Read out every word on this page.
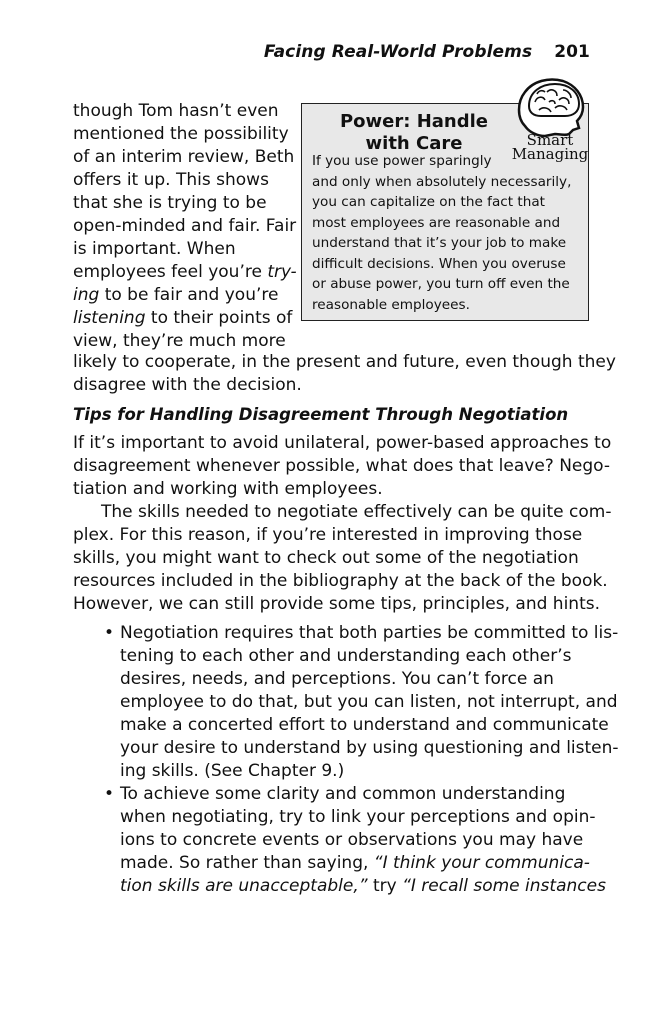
Facing Real-World Problems 201
though Tom hasn’t even
mentioned the possibility
of an interim review, Beth
offers it up. This shows
that she is trying to be
open-minded and fair. Fair
is important. When
employees feel you’re try-
ing to be fair and you’re
listening to their points of
view, they’re much more
likely to cooperate, in the present and future, even though they
disagree with the decision.
Power: Handle
with Care
If you use power sparingly
and only when absolutely necessarily,
you can capitalize on the fact that
most employees are reasonable and
understand that it’s your job to make
difficult decisions. When you overuse
or abuse power, you turn off even the
reasonable employees.
Smart
Managing
Tips for Handling Disagreement Through Negotiation
If it’s important to avoid unilateral, power-based approaches to
disagreement whenever possible, what does that leave? Nego-
tiation and working with employees.
The skills needed to negotiate effectively can be quite com-
plex. For this reason, if you’re interested in improving those
skills, you might want to check out some of the negotiation
resources included in the bibliography at the back of the book.
However, we can still provide some tips, principles, and hints.
• Negotiation requires that both parties be committed to lis-
tening to each other and understanding each other’s
desires, needs, and perceptions. You can’t force an
employee to do that, but you can listen, not interrupt, and
make a concerted effort to understand and communicate
your desire to understand by using questioning and listen-
ing skills. (See Chapter 9.)
• To achieve some clarity and common understanding
when negotiating, try to link your perceptions and opin-
ions to concrete events or observations you may have
made. So rather than saying, “I think your communica-
tion skills are unacceptable,” try “I recall some instances
